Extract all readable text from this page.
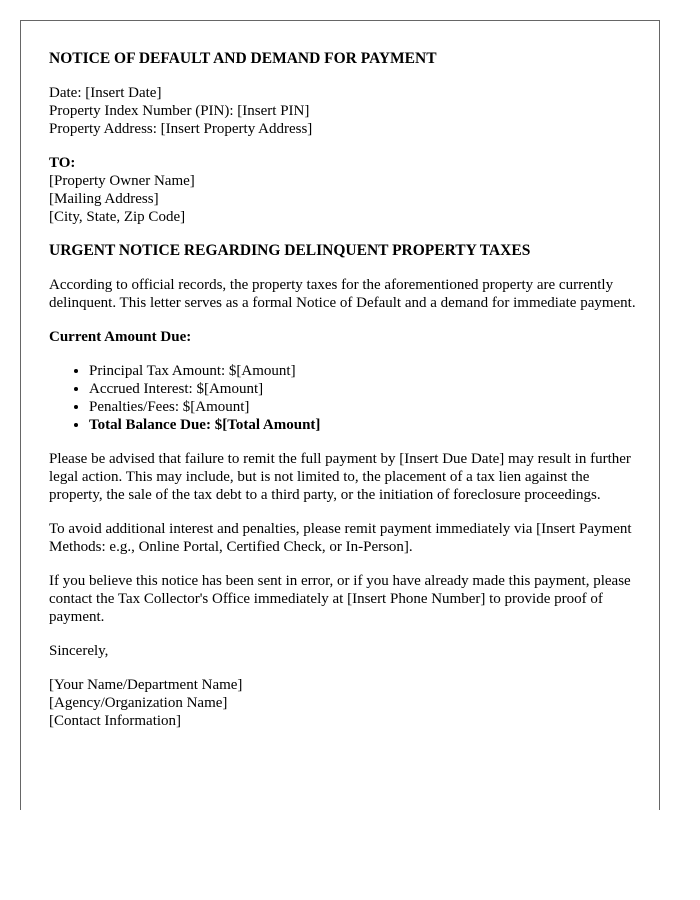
NOTICE OF DEFAULT AND DEMAND FOR PAYMENT
Date: [Insert Date]
Property Index Number (PIN): [Insert PIN]
Property Address: [Insert Property Address]
TO:
[Property Owner Name]
[Mailing Address]
[City, State, Zip Code]
URGENT NOTICE REGARDING DELINQUENT PROPERTY TAXES

According to official records, the property taxes for the aforementioned property are currently delinquent. This letter serves as a formal Notice of Default and a demand for immediate payment.

Current Amount Due:

• Principal Tax Amount: $[Amount]
• Accrued Interest: $[Amount]
• Penalties/Fees: $[Amount]
• Total Balance Due: $[Total Amount]

Please be advised that failure to remit the full payment by [Insert Due Date] may result in further legal action. This may include, but is not limited to, the placement of a tax lien against the property, the sale of the tax debt to a third party, or the initiation of foreclosure proceedings.

To avoid additional interest and penalties, please remit payment immediately via [Insert Payment Methods: e.g., Online Portal, Certified Check, or In-Person].

If you believe this notice has been sent in error, or if you have already made this payment, please contact the Tax Collector's Office immediately at [Insert Phone Number] to provide proof of payment.

Sincerely,

[Your Name/Department Name]
[Agency/Organization Name]
[Contact Information]
